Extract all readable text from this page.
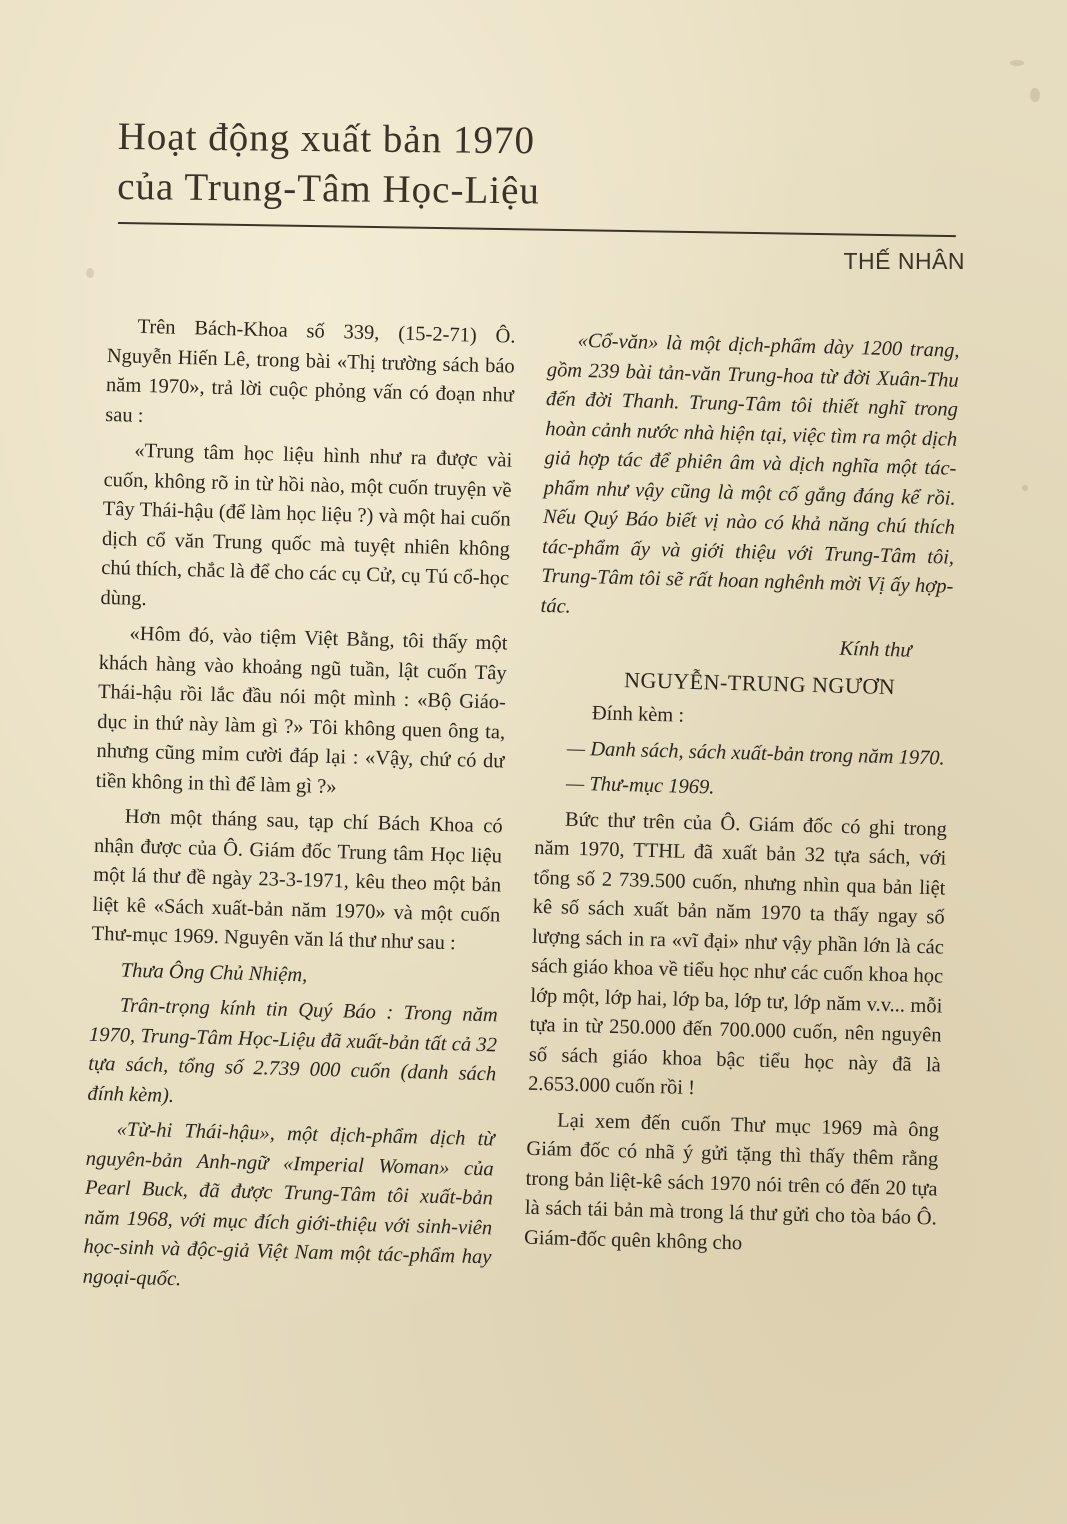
Hoạt động xuất bản 1970
của Trung-Tâm Học-Liệu
THẾ NHÂN

Trên Bách-Khoa số 339, (15-2-71) Ô. Nguyễn Hiến Lê, trong bài «Thị trường sách báo năm 1970», trả lời cuộc phỏng vấn có đoạn như sau :

«Trung tâm học liệu hình như ra được vài cuốn, không rõ in từ hồi nào, một cuốn truyện về Tây Thái-hậu (để làm học liệu ?) và một hai cuốn dịch cổ văn Trung quốc mà tuyệt nhiên không chú thích, chắc là để cho các cụ Cử, cụ Tú cổ-học dùng.

«Hôm đó, vào tiệm Việt Bằng, tôi thấy một khách hàng vào khoảng ngũ tuần, lật cuốn Tây Thái-hậu rồi lắc đầu nói một mình : «Bộ Giáo-dục in thứ này làm gì ?» Tôi không quen ông ta, nhưng cũng mỉm cười đáp lại : «Vậy, chứ có dư tiền không in thì để làm gì ?»

Hơn một tháng sau, tạp chí Bách Khoa có nhận được của Ô. Giám đốc Trung tâm Học liệu một lá thư đề ngày 23-3-1971, kêu theo một bản liệt kê «Sách xuất-bản năm 1970» và một cuốn Thư-mục 1969. Nguyên văn lá thư như sau :

Thưa Ông Chủ Nhiệm,

Trân-trọng kính tin Quý Báo : Trong năm 1970, Trung-Tâm Học-Liệu đã xuất-bản tất cả 32 tựa sách, tổng số 2.739 000 cuốn (danh sách đính kèm).

«Từ-hi Thái-hậu», một dịch-phẩm dịch từ nguyên-bản Anh-ngữ «Imperial Woman» của Pearl Buck, đã được Trung-Tâm tôi xuất-bản năm 1968, với mục đích giới-thiệu với sinh-viên học-sinh và độc-giả Việt Nam một tác-phẩm hay ngoại-quốc.

«Cổ-văn» là một dịch-phẩm dày 1200 trang, gồm 239 bài tản-văn Trung-hoa từ đời Xuân-Thu đến đời Thanh. Trung-Tâm tôi thiết nghĩ trong hoàn cảnh nước nhà hiện tại, việc tìm ra một dịch giả hợp tác để phiên âm và dịch nghĩa một tác-phẩm như vậy cũng là một cố gắng đáng kể rồi. Nếu Quý Báo biết vị nào có khả năng chú thích tác-phẩm ấy và giới thiệu với Trung-Tâm tôi, Trung-Tâm tôi sẽ rất hoan nghênh mời Vị ấy hợp-tác.

Kính thư

NGUYỄN-TRUNG NGƯƠN

Đính kèm :

— Danh sách, sách xuất-bản trong năm 1970.

— Thư-mục 1969.

Bức thư trên của Ô. Giám đốc có ghi trong năm 1970, TTHL đã xuất bản 32 tựa sách, với tổng số 2 739.500 cuốn, nhưng nhìn qua bản liệt kê số sách xuất bản năm 1970 ta thấy ngay số lượng sách in ra «vĩ đại» như vậy phần lớn là các sách giáo khoa về tiểu học như các cuốn khoa học lớp một, lớp hai, lớp ba, lớp tư, lớp năm v.v... mỗi tựa in từ 250.000 đến 700.000 cuốn, nên nguyên số sách giáo khoa bậc tiểu học này đã là 2.653.000 cuốn rồi !

Lại xem đến cuốn Thư mục 1969 mà ông Giám đốc có nhã ý gửi tặng thì thấy thêm rằng trong bản liệt-kê sách 1970 nói trên có đến 20 tựa là sách tái bản mà trong lá thư gửi cho tòa báo Ô. Giám-đốc quên không cho
